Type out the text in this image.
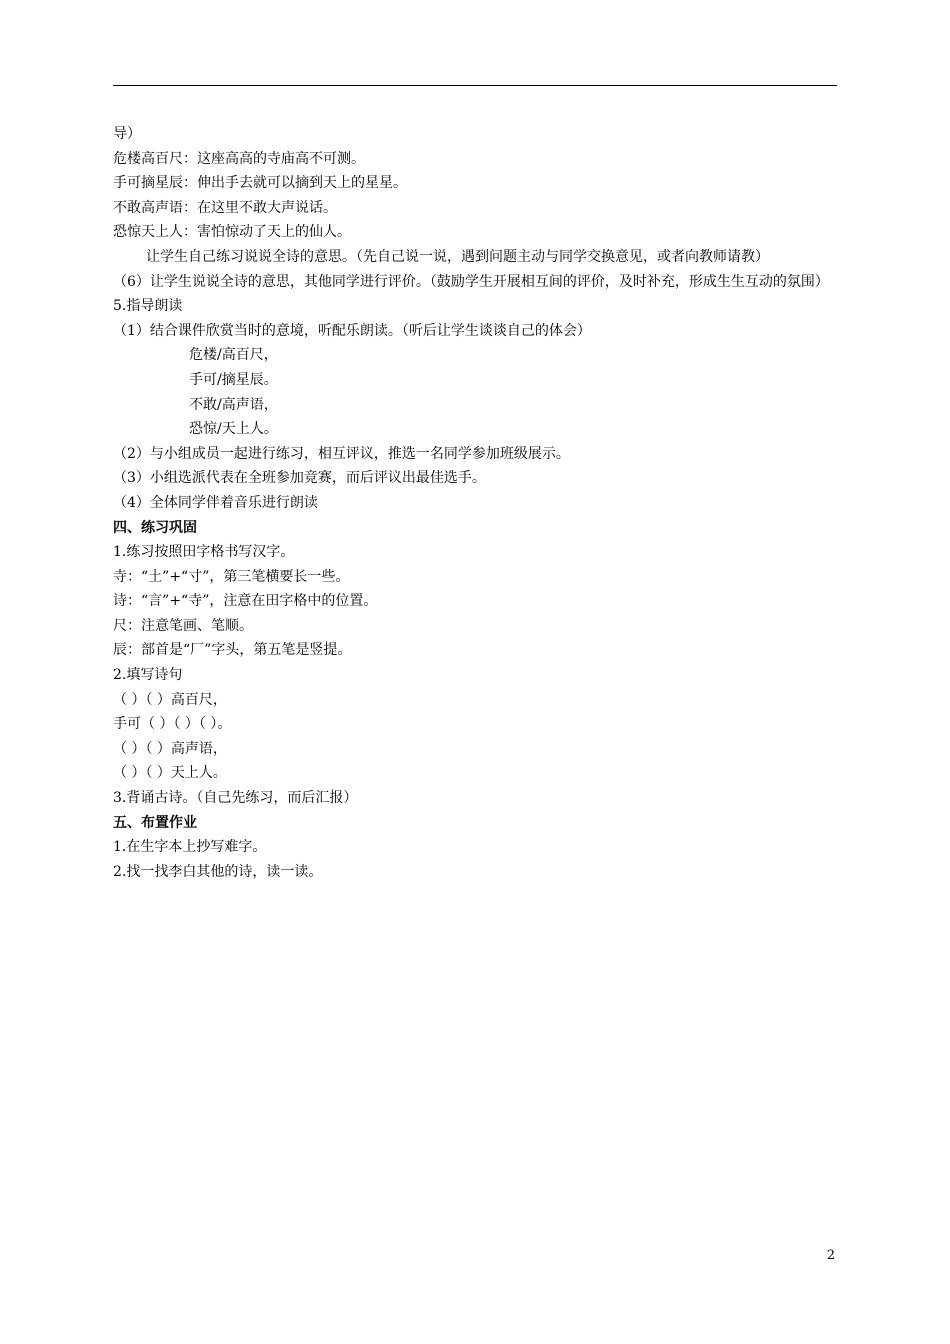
导）
危楼高百尺：这座高高的寺庙高不可测。
手可摘星辰：伸出手去就可以摘到天上的星星。
不敢高声语：在这里不敢大声说话。
恐惊天上人：害怕惊动了天上的仙人。
让学生自己练习说说全诗的意思。（先自己说一说，遇到问题主动与同学交换意见，或者向教师请教）
（6）让学生说说全诗的意思，其他同学进行评价。（鼓励学生开展相互间的评价，及时补充，形成生生互动的氛围）
5.指导朗读
（1）结合课件欣赏当时的意境，听配乐朗读。（听后让学生谈谈自己的体会）
危楼/高百尺，
手可/摘星辰。
不敢/高声语，
恐惊/天上人。
（2）与小组成员一起进行练习，相互评议，推选一名同学参加班级展示。
（3）小组选派代表在全班参加竞赛，而后评议出最佳选手。
（4）全体同学伴着音乐进行朗读
四、练习巩固
1.练习按照田字格书写汉字。
寺：“土”+“寸”，第三笔横要长一些。
诗：“言”+“寺”，注意在田字格中的位置。
尺：注意笔画、笔顺。
辰：部首是“厂”字头，第五笔是竖提。
2.填写诗句
（ ）（ ）高百尺，
手可（ ）（ ）（ ）。
（ ）（ ）高声语，
（ ）（ ）天上人。
3.背诵古诗。（自己先练习，而后汇报）
五、布置作业
1.在生字本上抄写难字。
2.找一找李白其他的诗，读一读。
2
